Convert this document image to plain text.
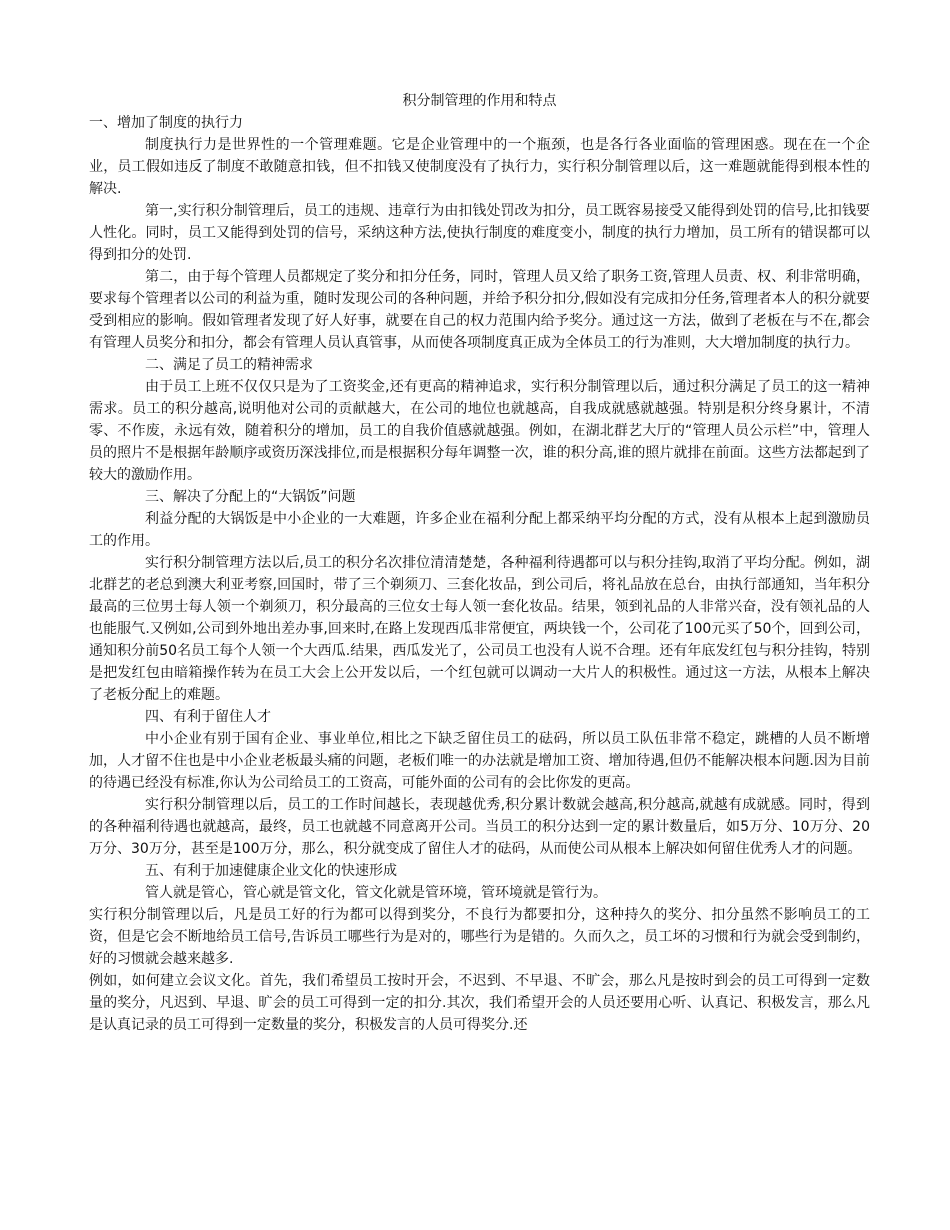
积分制管理的作用和特点
一、增加了制度的执行力

制度执行力是世界性的一个管理难题。它是企业管理中的一个瓶颈，也是各行各业面临的管理困惑。现在在一个企业，员工假如违反了制度不敢随意扣钱，但不扣钱又使制度没有了执行力，实行积分制管理以后，这一难题就能得到根本性的解决.

第一,实行积分制管理后，员工的违规、违章行为由扣钱处罚改为扣分，员工既容易接受又能得到处罚的信号,比扣钱要人性化。同时，员工又能得到处罚的信号，采纳这种方法,使执行制度的难度变小，制度的执行力增加，员工所有的错误都可以得到扣分的处罚.

第二，由于每个管理人员都规定了奖分和扣分任务，同时，管理人员又给了职务工资,管理人员责、权、利非常明确，要求每个管理者以公司的利益为重，随时发现公司的各种问题，并给予积分扣分,假如没有完成扣分任务,管理者本人的积分就要受到相应的影响。假如管理者发现了好人好事，就要在自己的权力范围内给予奖分。通过这一方法，做到了老板在与不在,都会有管理人员奖分和扣分，都会有管理人员认真管事，从而使各项制度真正成为全体员工的行为准则，大大增加制度的执行力。

二、满足了员工的精神需求

由于员工上班不仅仅只是为了工资奖金,还有更高的精神追求，实行积分制管理以后，通过积分满足了员工的这一精神需求。员工的积分越高,说明他对公司的贡献越大，在公司的地位也就越高，自我成就感就越强。特别是积分终身累计，不清零、不作废，永远有效，随着积分的增加，员工的自我价值感就越强。例如，在湖北群艺大厅的“管理人员公示栏”中，管理人员的照片不是根据年龄顺序或资历深浅排位,而是根据积分每年调整一次，谁的积分高,谁的照片就排在前面。这些方法都起到了较大的激励作用。

三、解决了分配上的“大锅饭”问题

利益分配的大锅饭是中小企业的一大难题，许多企业在福利分配上都采纳平均分配的方式，没有从根本上起到激励员工的作用。

实行积分制管理方法以后,员工的积分名次排位清清楚楚，各种福利待遇都可以与积分挂钩,取消了平均分配。例如，湖北群艺的老总到澳大利亚考察,回国时，带了三个剃须刀、三套化妆品，到公司后，将礼品放在总台，由执行部通知，当年积分最高的三位男士每人领一个剃须刀，积分最高的三位女士每人领一套化妆品。结果，领到礼品的人非常兴奋，没有领礼品的人也能服气.又例如,公司到外地出差办事,回来时,在路上发现西瓜非常便宜，两块钱一个，公司花了100元买了50个，回到公司，通知积分前50名员工每个人领一个大西瓜.结果，西瓜发光了，公司员工也没有人说不合理。还有年底发红包与积分挂钩，特别是把发红包由暗箱操作转为在员工大会上公开发以后，一个红包就可以调动一大片人的积极性。通过这一方法，从根本上解决了老板分配上的难题。

四、有利于留住人才

中小企业有别于国有企业、事业单位,相比之下缺乏留住员工的砝码，所以员工队伍非常不稳定，跳槽的人员不断增加，人才留不住也是中小企业老板最头痛的问题，老板们唯一的办法就是增加工资、增加待遇,但仍不能解决根本问题.因为目前的待遇已经没有标准,你认为公司给员工的工资高，可能外面的公司有的会比你发的更高。

实行积分制管理以后，员工的工作时间越长，表现越优秀,积分累计数就会越高,积分越高,就越有成就感。同时，得到的各种福利待遇也就越高，最终，员工也就越不同意离开公司。当员工的积分达到一定的累计数量后，如5万分、10万分、20万分、30万分，甚至是100万分，那么，积分就变成了留住人才的砝码，从而使公司从根本上解决如何留住优秀人才的问题。

五、有利于加速健康企业文化的快速形成

管人就是管心，管心就是管文化，管文化就是管环境，管环境就是管行为。

实行积分制管理以后，凡是员工好的行为都可以得到奖分，不良行为都要扣分，这种持久的奖分、扣分虽然不影响员工的工资，但是它会不断地给员工信号,告诉员工哪些行为是对的，哪些行为是错的。久而久之，员工坏的习惯和行为就会受到制约，好的习惯就会越来越多.

例如，如何建立会议文化。首先，我们希望员工按时开会，不迟到、不早退、不旷会，那么凡是按时到会的员工可得到一定数量的奖分，凡迟到、早退、旷会的员工可得到一定的扣分.其次，我们希望开会的人员还要用心听、认真记、积极发言，那么凡是认真记录的员工可得到一定数量的奖分，积极发言的人员可得奖分.还
